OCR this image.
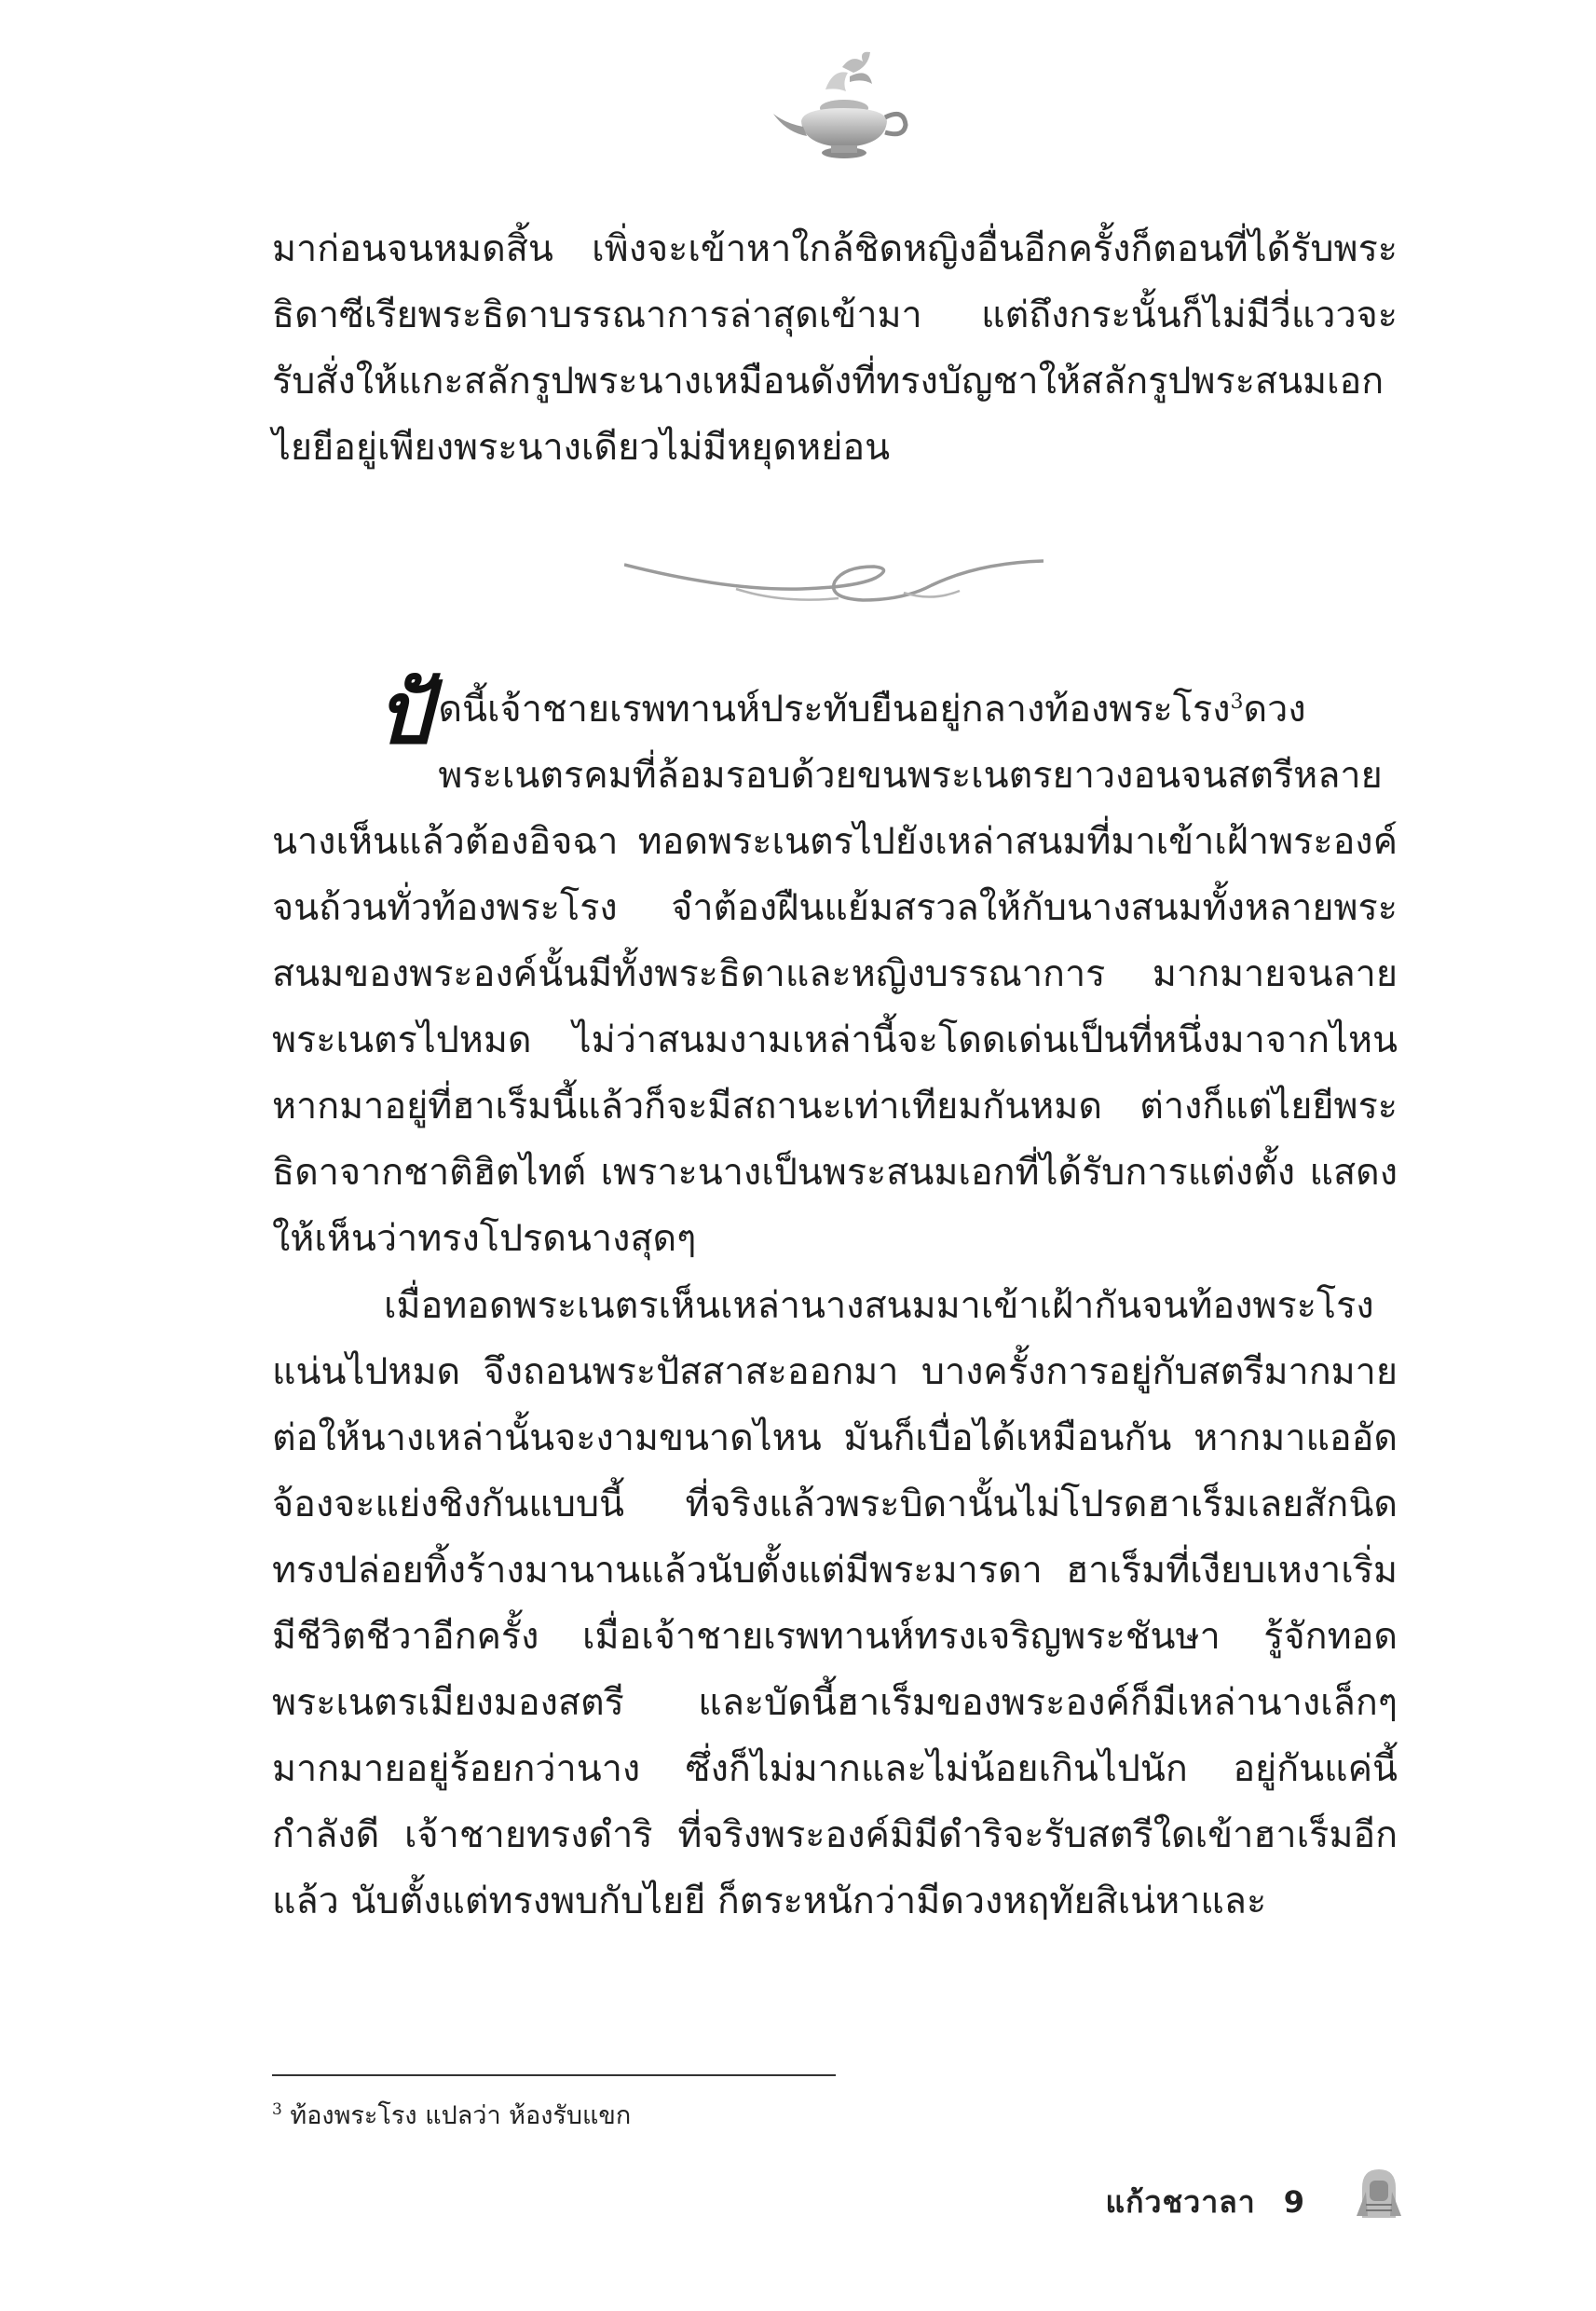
มาก่อนจนหมดสิ้น เพิ่งจะเข้าหาใกล้ชิดหญิงอื่นอีกครั้งก็ตอนที่ได้รับพระธิดาซีเรียพระธิดาบรรณาการล่าสุดเข้ามา แต่ถึงกระนั้นก็ไม่มีวี่แววจะรับสั่งให้แกะสลักรูปพระนางเหมือนดังที่ทรงบัญชาให้สลักรูปพระสนมเอกไยยีอยู่เพียงพระนางเดียวไม่มีหยุดหย่อน

ปัดนี้เจ้าชายเรพทานห์ประทับยืนอยู่กลางท้องพระโรง$^3$ดวงพระเนตรคมที่ล้อมรอบด้วยขนพระเนตรยาวงอนจนสตรีหลายนางเห็นแล้วต้องอิจฉา ทอดพระเนตรไปยังเหล่าสนมที่มาเข้าเฝ้าพระองค์จนถ้วนทั่วท้องพระโรง จำต้องฝืนแย้มสรวลให้กับนางสนมทั้งหลายพระสนมของพระองค์นั้นมีทั้งพระธิดาและหญิงบรรณาการ มากมายจนลายพระเนตรไปหมด ไม่ว่าสนมงามเหล่านี้จะโดดเด่นเป็นที่หนึ่งมาจากไหน หากมาอยู่ที่ฮาเร็มนี้แล้วก็จะมีสถานะเท่าเทียมกันหมด ต่างก็แต่ไยยีพระธิดาจากชาติฮิตไทต์ เพราะนางเป็นพระสนมเอกที่ได้รับการแต่งตั้ง แสดงให้เห็นว่าทรงโปรดนางสุดๆ

เมื่อทอดพระเนตรเห็นเหล่านางสนมมาเข้าเฝ้ากันจนท้องพระโรงแน่นไปหมด จึงถอนพระปัสสาสะออกมา บางครั้งการอยู่กับสตรีมากมายต่อให้นางเหล่านั้นจะงามขนาดไหน มันก็เบื่อได้เหมือนกัน หากมาแออัดจ้องจะแย่งชิงกันแบบนี้ ที่จริงแล้วพระบิดานั้นไม่โปรดฮาเร็มเลยสักนิด ทรงปล่อยทิ้งร้างมานานแล้วนับตั้งแต่มีพระมารดา ฮาเร็มที่เงียบเหงาเริ่มมีชีวิตชีวาอีกครั้ง เมื่อเจ้าชายเรพทานห์ทรงเจริญพระชันษา รู้จักทอดพระเนตรเมียงมองสตรี และบัดนี้ฮาเร็มของพระองค์ก็มีเหล่านางเล็กๆ มากมายอยู่ร้อยกว่านาง ซึ่งก็ไม่มากและไม่น้อยเกินไปนัก อยู่กันแค่นี้กำลังดี เจ้าชายทรงดำริ ที่จริงพระองค์มิมีดำริจะรับสตรีใดเข้าฮาเร็มอีกแล้ว นับตั้งแต่ทรงพบกับไยยี ก็ตระหนักว่ามีดวงหฤทัยสิเน่หาและ

$^3$ ท้องพระโรง แปลว่า ห้องรับแขก
แก้วชวาลา 9
